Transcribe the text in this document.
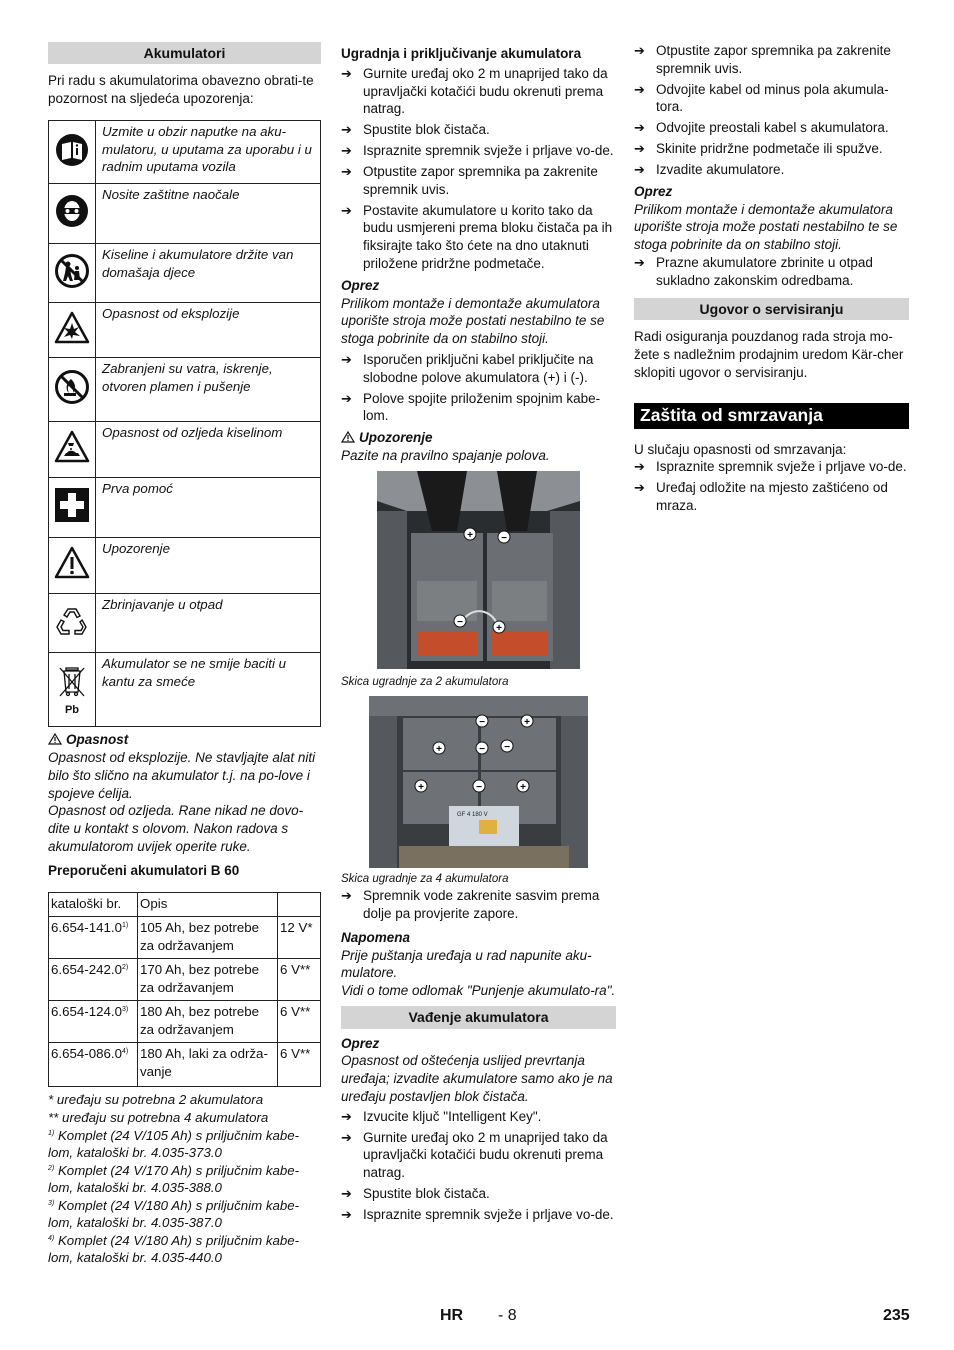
Akumulatori
Pri radu s akumulatorima obavezno obrati-te pozornost na sljedeća upozorenja:
	Uzmite u obzir naputke na aku-mulatoru, u uputama za uporabu i u radnim uputama vozila
	Nosite zaštitne naočale
	Kiseline i akumulatore držite van domašaja djece
	Opasnost od eksplozije
	Zabranjeni su vatra, iskrenje, otvoren plamen i pušenje
	Opasnost od ozljeda kiselinom
	Prva pomoć
	Upozorenje
	Zbrinjavanje u otpad

Pb	Akumulator se ne smije baciti u kantu za smeće
Opasnost
Opasnost od eksplozije. Ne stavljajte alat niti bilo što slično na akumulator t.j. na po-love i spojeve ćelija.
Opasnost od ozljeda. Rane nikad ne dovo-dite u kontakt s olovom. Nakon radova s akumulatorom uvijek operite ruke.
Preporučeni akumulatori B 60
kataloški br.	Opis	
6.654-141.0$^{1)}$	105 Ah, bez potrebe za održavanjem	12 V*
6.654-242.0$^{2)}$	170 Ah, bez potrebe za održavanjem	6 V**
6.654-124.0$^{3)}$	180 Ah, bez potrebe za održavanjem	6 V**
6.654-086.0$^{4)}$	180 Ah, laki za održa-vanje	6 V**
* uređaju su potrebna 2 akumulatora
** uređaju su potrebna 4 akumulatora
$^{1)}$ Komplet (24 V/105 Ah) s priljučnim kabe-lom, kataloški br. 4.035-373.0
$^{2)}$ Komplet (24 V/170 Ah) s priljučnim kabe-lom, kataloški br. 4.035-388.0
$^{3)}$ Komplet (24 V/180 Ah) s priljučnim kabe-lom, kataloški br. 4.035-387.0
$^{4)}$ Komplet (24 V/180 Ah) s priljučnim kabe-lom, kataloški br. 4.035-440.0
Ugradnja i priključivanje akumulatora
➔ Gurnite uređaj oko 2 m unaprijed tako da upravljački kotačići budu okrenuti prema natrag.
➔ Spustite blok čistača.
➔ Ispraznite spremnik svježe i prljave vo-de.
➔ Otpustite zapor spremnika pa zakrenite spremnik uvis.
➔ Postavite akumulatore u korito tako da budu usmjereni prema bloku čistača pa ih fiksirajte tako što ćete na dno utaknuti priložene pridržne podmetače.
Oprez
Prilikom montaže i demontaže akumulatora uporište stroja može postati nestabilno te se stoga pobrinite da on stabilno stoji.
➔ Isporučen priključni kabel priključite na slobodne polove akumulatora (+) i (-).
➔ Polove spojite priloženim spojnim kabe-lom.
Upozorenje
Pazite na pravilno spajanje polova.
+	−
−
+
Skica ugradnje za 2 akumulatora
GF 4 180 V
−	+
+	− −
+	−	+
Skica ugradnje za 4 akumulatora
➔ Spremnik vode zakrenite sasvim prema dolje pa provjerite zapore.
Napomena
Prije puštanja uređaja u rad napunite aku-mulatore.
Vidi o tome odlomak "Punjenje akumulato-ra".
Vađenje akumulatora
Oprez
Opasnost od oštećenja uslijed prevrtanja uređaja; izvadite akumulatore samo ako je na uređaju postavljen blok čistača.
➔ Izvucite ključ "Intelligent Key".
➔ Gurnite uređaj oko 2 m unaprijed tako da upravljački kotačići budu okrenuti prema natrag.
➔ Spustite blok čistača.
➔ Ispraznite spremnik svježe i prljave vo-de.
➔ Otpustite zapor spremnika pa zakrenite spremnik uvis.
➔ Odvojite kabel od minus pola akumula-tora.
➔ Odvojite preostali kabel s akumulatora.
➔ Skinite pridržne podmetače ili spužve.
➔ Izvadite akumulatore.
Oprez
Prilikom montaže i demontaže akumulatora uporište stroja može postati nestabilno te se stoga pobrinite da on stabilno stoji.
➔ Prazne akumulatore zbrinite u otpad sukladno zakonskim odredbama.
Ugovor o servisiranju
Radi osiguranja pouzdanog rada stroja mo-žete s nadležnim prodajnim uredom Kär-cher sklopiti ugovor o servisiranju.
Zaštita od smrzavanja
U slučaju opasnosti od smrzavanja:
➔ Ispraznite spremnik svježe i prljave vo-de.
➔ Uređaj odložite na mjesto zaštićeno od mraza.
HR - 8	235
